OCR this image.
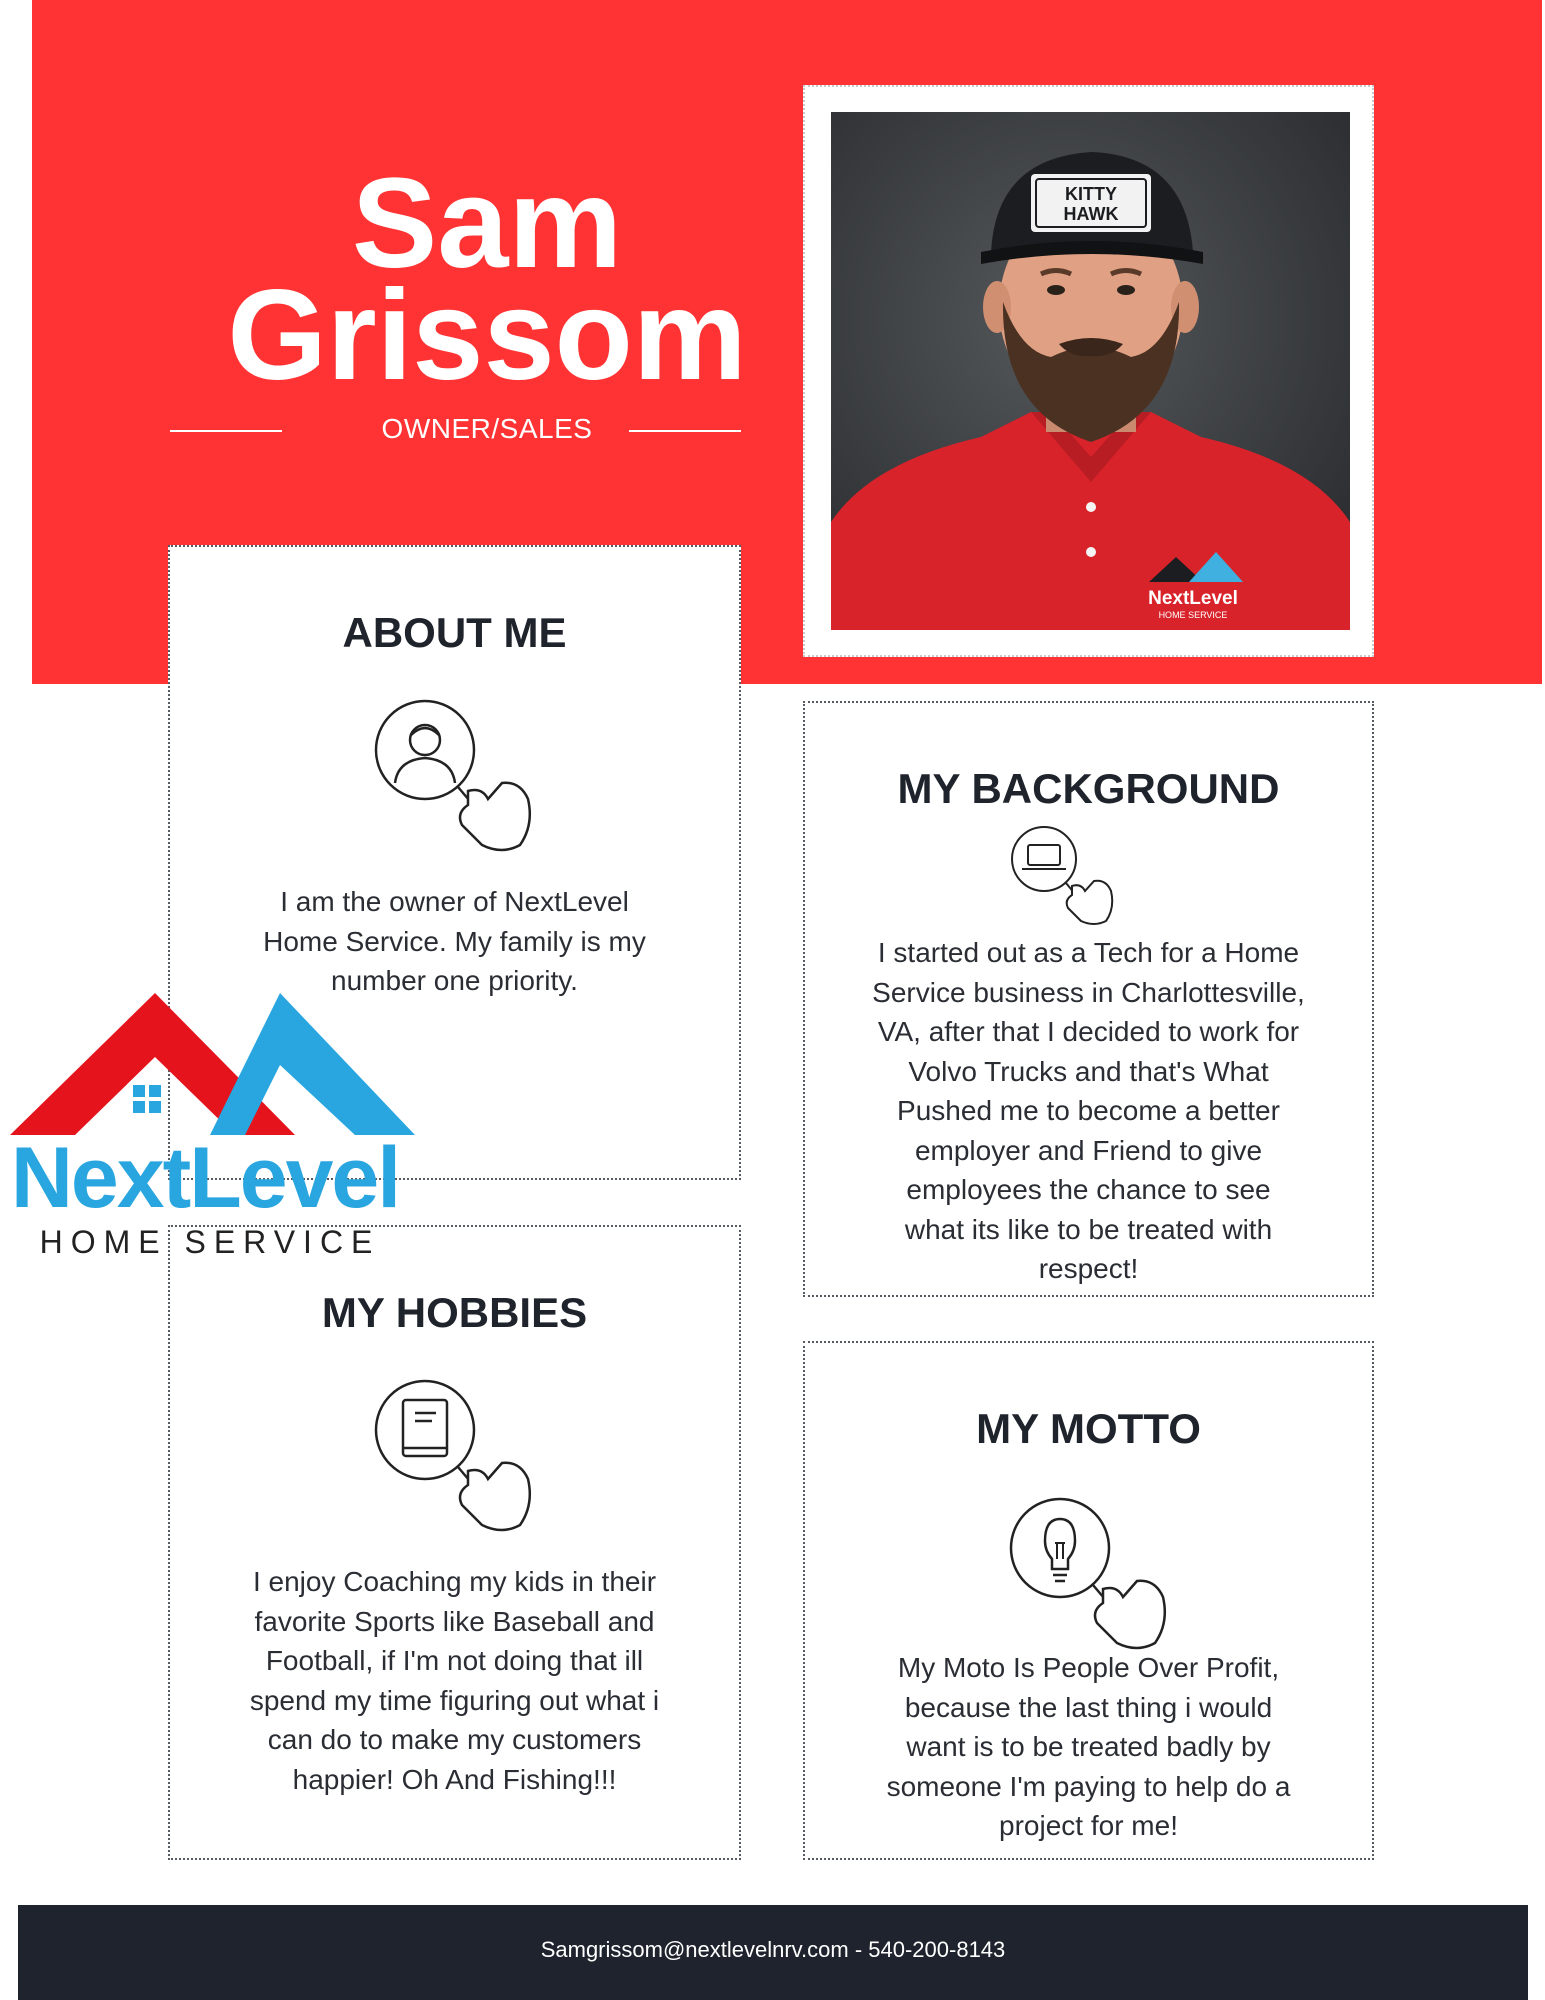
Sam
Grissom
OWNER/SALES
KITTY
HAWK
NextLevel
HOME SERVICE
ABOUT ME
I am the owner of NextLevel
Home Service. My family is my
number one priority.
MY HOBBIES
I enjoy Coaching my kids in their
favorite Sports like Baseball and
Football, if I'm not doing that ill
spend my time figuring out what i
can do to make my customers
happier! Oh And Fishing!!!
MY BACKGROUND
I started out as a Tech for a Home
Service business in Charlottesville,
VA, after that I decided to work for
Volvo Trucks and that's What
Pushed me to become a better
employer and Friend to give
employees the chance to see
what its like to be treated with
respect!
MY MOTTO
My Moto Is People Over Profit,
because the last thing i would
want is to be treated badly by
someone I'm paying to help do a
project for me!
NextLevel
HOME SERVICE
Samgrissom@nextlevelnrv.com - 540-200-8143
